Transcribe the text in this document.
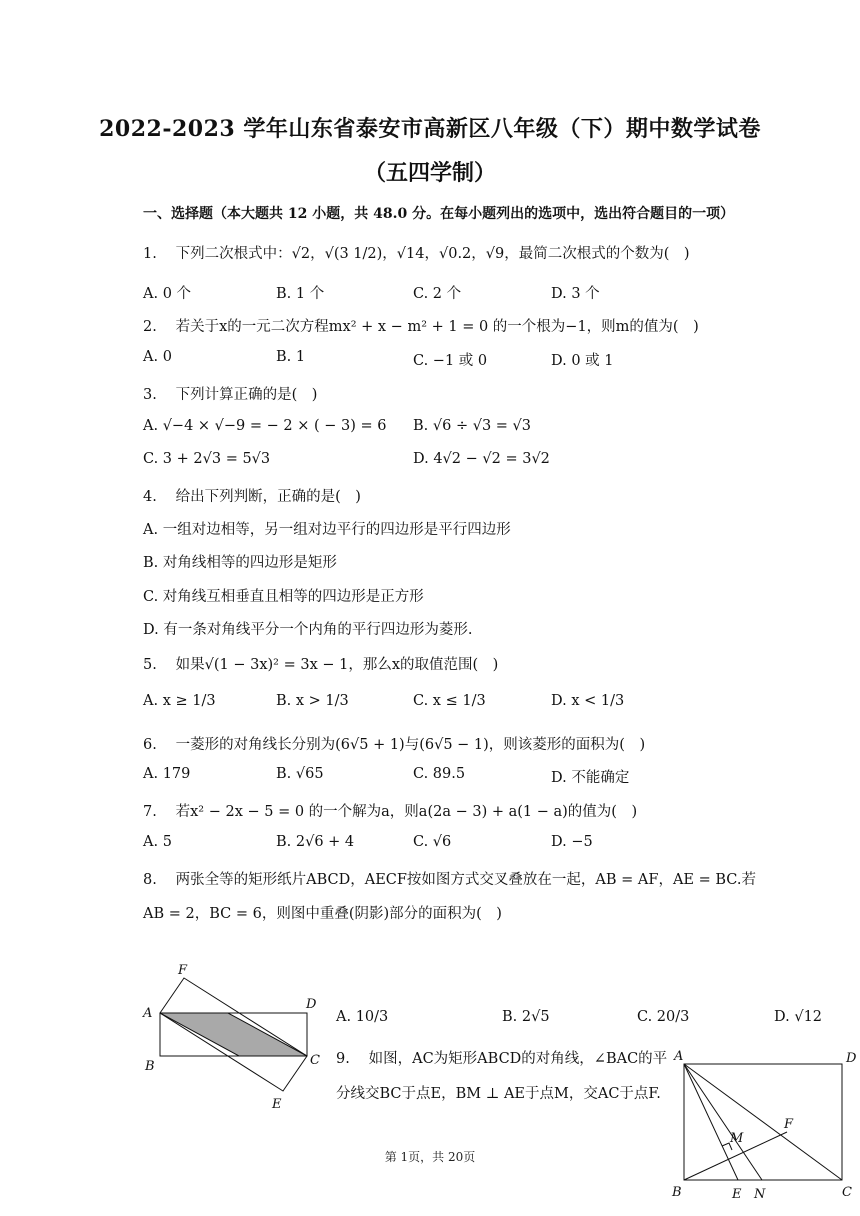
2022-2023 学年山东省泰安市高新区八年级（下）期中数学试卷
（五四学制）
一、选择题（本大题共 12 小题，共 48.0 分。在每小题列出的选项中，选出符合题目的一项）
1. 下列二次根式中：√2，√(3 1/2)，√14，√0.2，√9，最简二次根式的个数为(　)
A. 0 个	B. 1 个	C. 2 个	D. 3 个
2. 若关于x的一元二次方程mx² + x − m² + 1 = 0 的一个根为−1，则m的值为(　)
A. 0	B. 1	C. −1 或 0	D. 0 或 1
3. 下列计算正确的是(　)
A. √−4 × √−9 = − 2 × ( − 3) = 6 B. √6 ÷ √3 = √3
C. 3 + 2√3 = 5√3	D. 4√2 − √2 = 3√2
4. 给出下列判断，正确的是(　)
A. 一组对边相等，另一组对边平行的四边形是平行四边形
B. 对角线相等的四边形是矩形
C. 对角线互相垂直且相等的四边形是正方形
D. 有一条对角线平分一个内角的平行四边形为菱形.
5. 如果√(1 − 3x)² = 3x − 1，那么x的取值范围(　)
A. x ≥ 1/3	B. x > 1/3	C. x ≤ 1/3	D. x < 1/3
6. 一菱形的对角线长分别为(6√5 + 1)与(6√5 − 1)，则该菱形的面积为(　)
A. 179	B. √65	C. 89.5	D. 不能确定
7. 若x² − 2x − 5 = 0 的一个解为a，则a(2a − 3) + a(1 − a)的值为(　)
A. 5	B. 2√6 + 4	C. √6	D. −5
8. 两张全等的矩形纸片ABCD，AECF按如图方式交叉叠放在一起，AB = AF，AE = BC.若
AB = 2，BC = 6，则图中重叠(阴影)部分的面积为(　)
F
A
D
B	C
E
A. 10/3	B. 2√5	C. 20/3	D. √12
9. 如图，AC为矩形ABCD的对角线，∠BAC的平
分线交BC于点E，BM ⊥ AE于点M，交AC于点F.
A	D
F
M
B	E N	C
第 1页，共 20页
